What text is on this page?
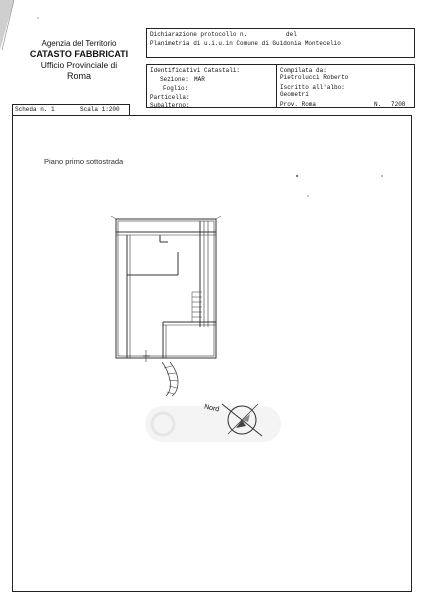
Agenzia del Territorio
CATASTO FABBRICATI
Ufficio Provinciale di
Roma
Dichiarazione protocollo n.	del
Planimetria di u.i.u.in Comune di Guidonia Montecelio
Identificativi Catastali:
Sezione: MAR
Foglio:
Particella:
Subalterno:
Compilata da:
Pietrolucci Roberto
Iscritto all'albo:
Geometri
Prov. Roma	N. 7208
Scheda n. 1	Scala 1:200
Piano primo sottostrada
Nord
